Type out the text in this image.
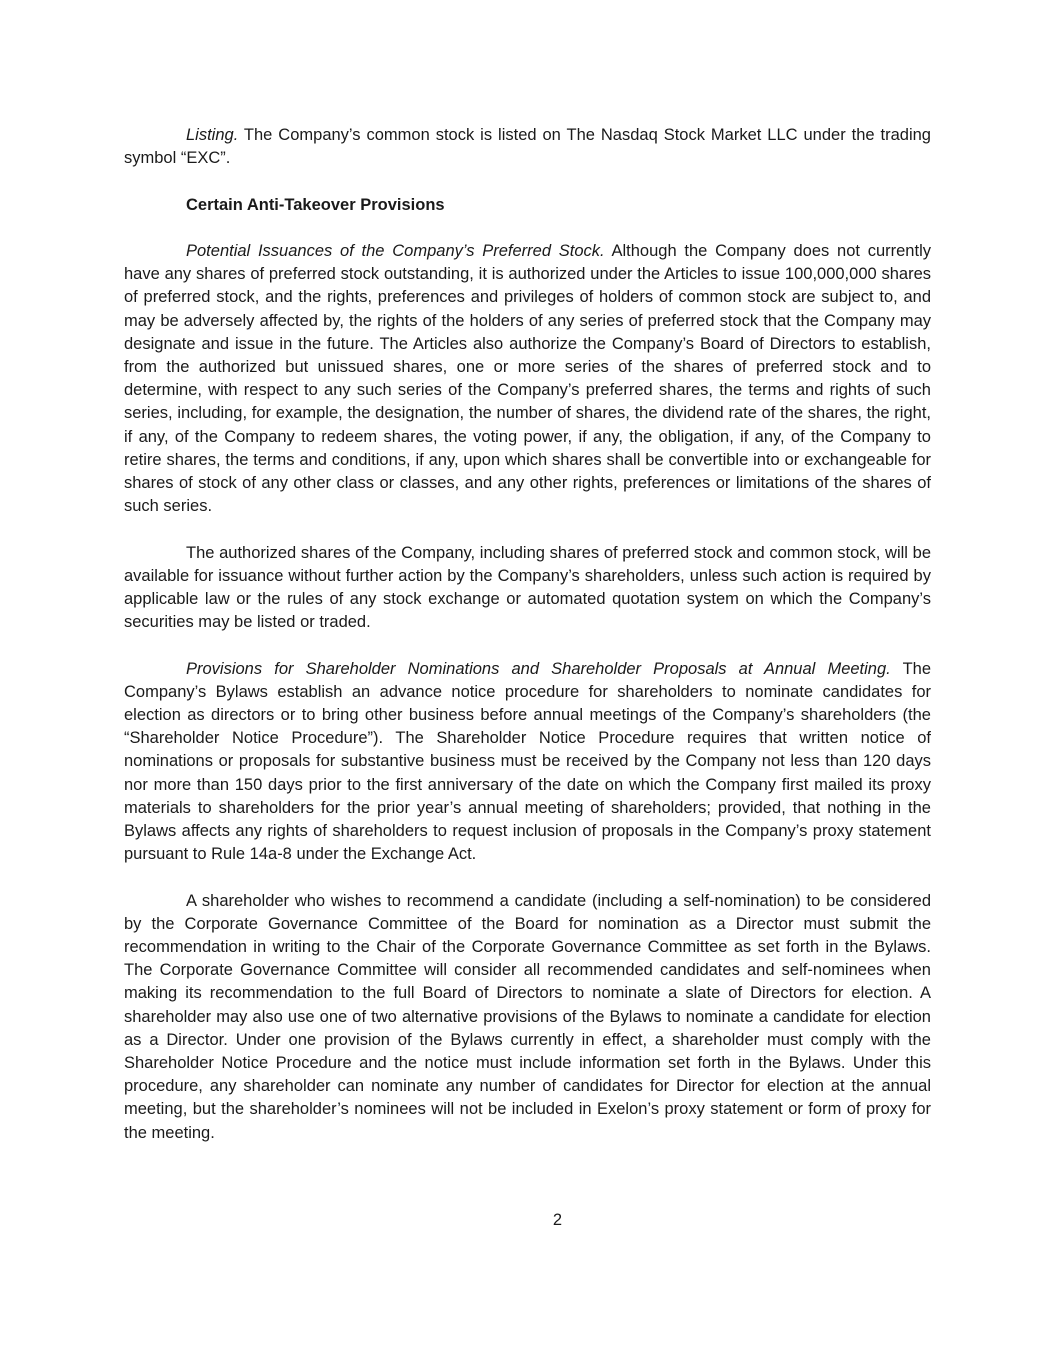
Listing. The Company’s common stock is listed on The Nasdaq Stock Market LLC under the trading symbol “EXC”.

Certain Anti-Takeover Provisions

Potential Issuances of the Company’s Preferred Stock. Although the Company does not currently have any shares of preferred stock outstanding, it is authorized under the Articles to issue 100,000,000 shares of preferred stock, and the rights, preferences and privileges of holders of common stock are subject to, and may be adversely affected by, the rights of the holders of any series of preferred stock that the Company may designate and issue in the future. The Articles also authorize the Company’s Board of Directors to establish, from the authorized but unissued shares, one or more series of the shares of preferred stock and to determine, with respect to any such series of the Company’s preferred shares, the terms and rights of such series, including, for example, the designation, the number of shares, the dividend rate of the shares, the right, if any, of the Company to redeem shares, the voting power, if any, the obligation, if any, of the Company to retire shares, the terms and conditions, if any, upon which shares shall be convertible into or exchangeable for shares of stock of any other class or classes, and any other rights, preferences or limitations of the shares of such series.

The authorized shares of the Company, including shares of preferred stock and common stock, will be available for issuance without further action by the Company’s shareholders, unless such action is required by applicable law or the rules of any stock exchange or automated quotation system on which the Company’s securities may be listed or traded.

Provisions for Shareholder Nominations and Shareholder Proposals at Annual Meeting. The Company’s Bylaws establish an advance notice procedure for shareholders to nominate candidates for election as directors or to bring other business before annual meetings of the Company’s shareholders (the “Shareholder Notice Procedure”). The Shareholder Notice Procedure requires that written notice of nominations or proposals for substantive business must be received by the Company not less than 120 days nor more than 150 days prior to the first anniversary of the date on which the Company first mailed its proxy materials to shareholders for the prior year’s annual meeting of shareholders; provided, that nothing in the Bylaws affects any rights of shareholders to request inclusion of proposals in the Company’s proxy statement pursuant to Rule 14a-8 under the Exchange Act.

A shareholder who wishes to recommend a candidate (including a self-nomination) to be considered by the Corporate Governance Committee of the Board for nomination as a Director must submit the recommendation in writing to the Chair of the Corporate Governance Committee as set forth in the Bylaws. The Corporate Governance Committee will consider all recommended candidates and self-nominees when making its recommendation to the full Board of Directors to nominate a slate of Directors for election. A shareholder may also use one of two alternative provisions of the Bylaws to nominate a candidate for election as a Director. Under one provision of the Bylaws currently in effect, a shareholder must comply with the Shareholder Notice Procedure and the notice must include information set forth in the Bylaws. Under this procedure, any shareholder can nominate any number of candidates for Director for election at the annual meeting, but the shareholder’s nominees will not be included in Exelon’s proxy statement or form of proxy for the meeting.

2
